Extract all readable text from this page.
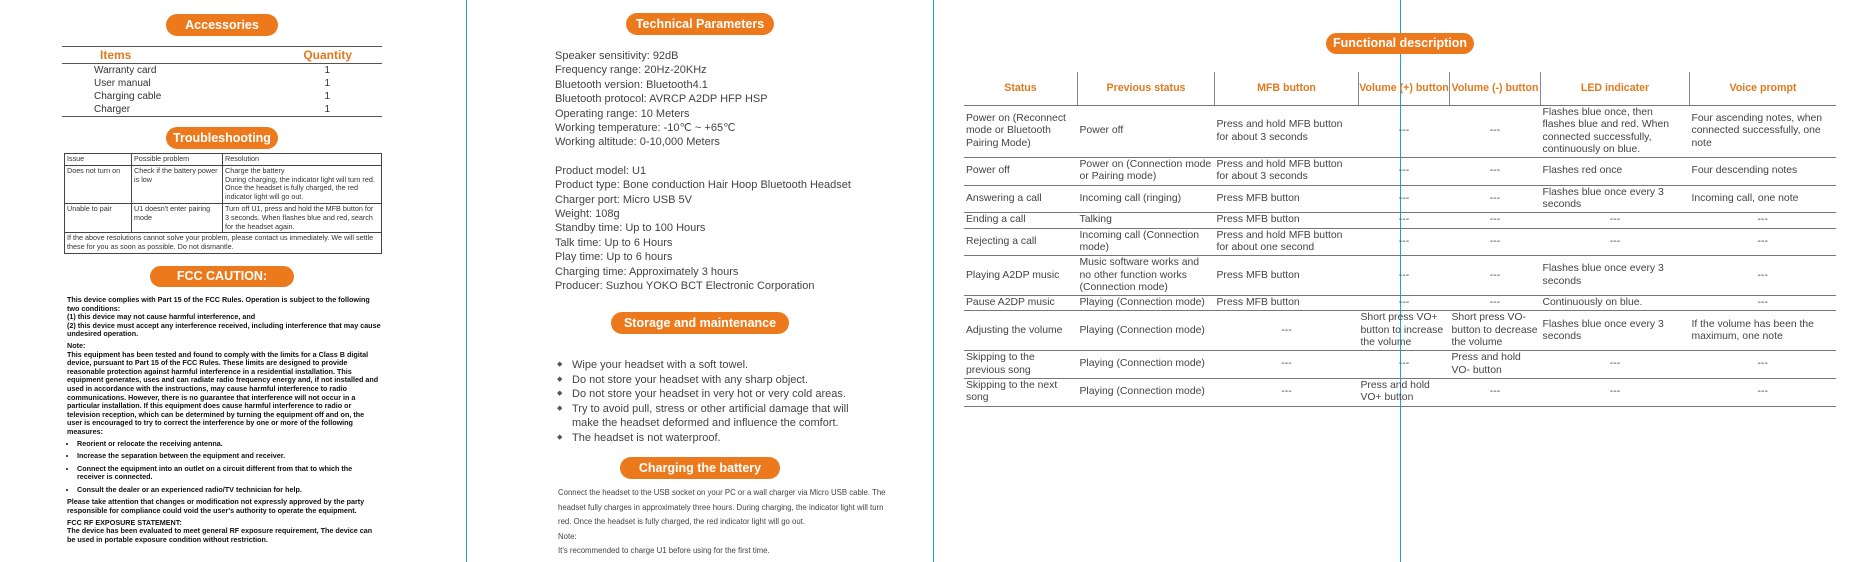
Accessories
Items	Quantity
Warranty card	1
User manual	1
Charging cable	1
Charger	1
Troubleshooting
Issue	Possible problem	Resolution
Does not turn on	Check if the battery power is low	Charge the battery
During charging, the indicator light will turn red. Once the headset is fully charged, the red indicator light will go out.
Unable to pair	U1 doesn't enter pairing mode	Turn off U1, press and hold the MFB button for 3 seconds. When flashes blue and red, search for the headset again.
If the above resolutions cannot solve your problem, please contact us immediately. We will settle these for you as soon as possible. Do not dismantle.		
FCC CAUTION:

This device complies with Part 15 of the FCC Rules. Operation is subject to the following two conditions:

(1) this device may not cause harmful interference, and

(2) this device must accept any interference received, including interference that may cause undesired operation.

Note:

This equipment has been tested and found to comply with the limits for a Class B digital device, pursuant to Part 15 of the FCC Rules. These limits are designed to provide reasonable protection against harmful interference in a residential installation. This equipment generates, uses and can radiate radio frequency energy and, if not installed and used in accordance with the instructions, may cause harmful interference to radio communications. However, there is no guarantee that interference will not occur in a particular installation. If this equipment does cause harmful interference to radio or television reception, which can be determined by turning the equipment off and on, the user is encouraged to try to correct the interference by one or more of the following measures:

• Reorient or relocate the receiving antenna.
• Increase the separation between the equipment and receiver.
• Connect the equipment into an outlet on a circuit different from that to which the receiver is connected.
• Consult the dealer or an experienced radio/TV technician for help.

Please take attention that changes or modification not expressly approved by the party responsible for compliance could void the user's authority to operate the equipment.

FCC RF EXPOSURE STATEMENT:

The device has been evaluated to meet general RF exposure requirement, The device can be used in portable exposure condition without restriction.

Technical Parameters
Speaker sensitivity: 92dB
Frequency range: 20Hz-20KHz
Bluetooth version: Bluetooth4.1
Bluetooth protocol: AVRCP A2DP HFP HSP
Operating range: 10 Meters
Working temperature: -10℃ ~ +65℃
Working altitude: 0-10,000 Meters
Product model: U1
Product type: Bone conduction Hair Hoop Bluetooth Headset
Charger port: Micro USB 5V
Weight: 108g
Standby time: Up to 100 Hours
Talk time: Up to 6 Hours
Play time: Up to 6 hours
Charging time: Approximately 3 hours
Producer: Suzhou YOKO BCT Electronic Corporation
Storage and maintenance
◆ Wipe your headset with a soft towel.
◆ Do not store your headset with any sharp object.
◆ Do not store your headset in very hot or very cold areas.
◆ Try to avoid pull, stress or other artificial damage that will make the headset deformed and influence the comfort.
◆ The headset is not waterproof.
Charging the battery
Connect the headset to the USB socket on your PC or a wall charger via Micro USB cable. The headset fully charges in approximately three hours. During charging, the indicator light will turn red. Once the headset is fully charged, the red indicator light will go out.
Note:
It's recommended to charge U1 before using for the first time.
Functional description
Status	Previous status	MFB button	Volume (+) button	Volume (-) button	LED indicater	Voice prompt
Power on (Reconnect mode or Bluetooth Pairing Mode)	Power off	Press and hold MFB button for about 3 seconds	---	---	Flashes blue once, then flashes blue and red. When connected successfully, continuously on blue.	Four ascending notes, when connected successfully, one note
Power off	Power on (Connection mode or Pairing mode)	Press and hold MFB button for about 3 seconds	---	---	Flashes red once	Four descending notes
Answering a call	Incoming call (ringing)	Press MFB button	---	---	Flashes blue once every 3 seconds	Incoming call, one note
Ending a call	Talking	Press MFB button	---	---	---	---
Rejecting a call	Incoming call (Connection mode)	Press and hold MFB button for about one second	---	---	---	---
Playing A2DP music	Music software works and no other function works (Connection mode)	Press MFB button	---	---	Flashes blue once every 3 seconds	---
Pause A2DP music	Playing (Connection mode)	Press MFB button	---	---	Continuously on blue.	---
Adjusting the volume	Playing (Connection mode)	---	Short press VO+ button to increase the volume	Short press VO- button to decrease the volume	Flashes blue once every 3 seconds	If the volume has been the maximum, one note
Skipping to the previous song	Playing (Connection mode)	---	---	Press and hold VO- button	---	---
Skipping to the next song	Playing (Connection mode)	---	Press and hold VO+ button	---	---	---
